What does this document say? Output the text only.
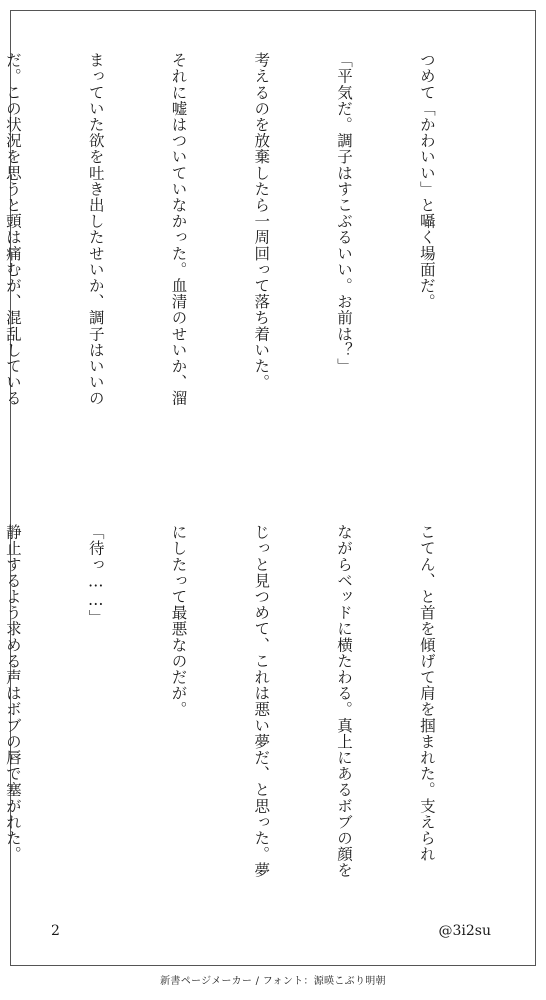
つめて「かわいい」と囁く場面だ。

「平気だ。調子はすこぶるいい。お前は？」

考えるのを放棄したら一周回って落ち着いた。

それに嘘はついていなかった。血清のせいか、溜

まっていた欲を吐き出したせいか、調子はいいの

だ。この状況を思うと頭は痛むが、混乱している

こてん、と首を傾げて肩を掴まれた。支えられ

ながらベッドに横たわる。真上にあるボブの顔を

じっと見つめて、これは悪い夢だ、と思った。夢

にしたって最悪なのだが。

「待っ……」

静止するよう求める声はボブの唇で塞がれた。

2	@3i2su
新書ページメーカー / フォント：源暎こぶり明朝
